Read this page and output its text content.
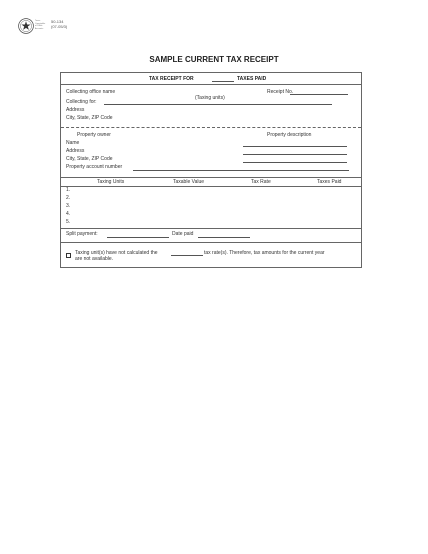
Texas
Comptroller
of Public
Accounts
50-134
(07-05/3)
SAMPLE CURRENT TAX RECEIPT
TAX RECEIPT FOR	TAXES PAID
Collecting office name	Receipt No.
(Taxing units)
Collecting for:
Address
City, State, ZIP Code
Property owner	Property description
Name
Address
City, State, ZIP Code
Property account number
Taxing Units	Taxable Value	Tax Rate	Taxes Paid
1.
2.
3.
4.
5.
Split payment:	Date paid
Taxing unit(s) have not calculated the	tax rate(s). Therefore, tax amounts for the current year
are not available.
